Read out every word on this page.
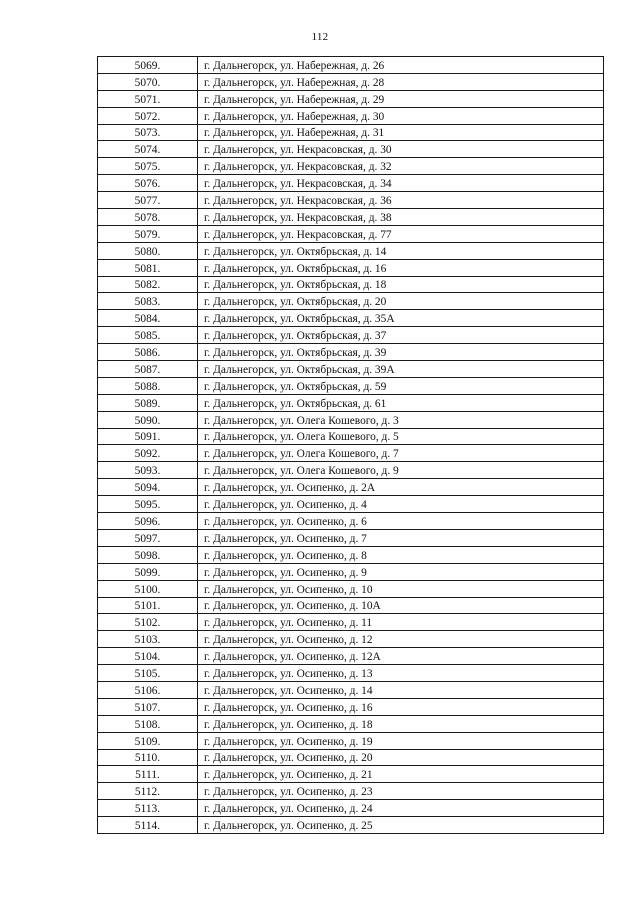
112
5069.	г. Дальнегорск, ул. Набережная, д. 26
5070.	г. Дальнегорск, ул. Набережная, д. 28
5071.	г. Дальнегорск, ул. Набережная, д. 29
5072.	г. Дальнегорск, ул. Набережная, д. 30
5073.	г. Дальнегорск, ул. Набережная, д. 31
5074.	г. Дальнегорск, ул. Некрасовская, д. 30
5075.	г. Дальнегорск, ул. Некрасовская, д. 32
5076.	г. Дальнегорск, ул. Некрасовская, д. 34
5077.	г. Дальнегорск, ул. Некрасовская, д. 36
5078.	г. Дальнегорск, ул. Некрасовская, д. 38
5079.	г. Дальнегорск, ул. Некрасовская, д. 77
5080.	г. Дальнегорск, ул. Октябрьская, д. 14
5081.	г. Дальнегорск, ул. Октябрьская, д. 16
5082.	г. Дальнегорск, ул. Октябрьская, д. 18
5083.	г. Дальнегорск, ул. Октябрьская, д. 20
5084.	г. Дальнегорск, ул. Октябрьская, д. 35А
5085.	г. Дальнегорск, ул. Октябрьская, д. 37
5086.	г. Дальнегорск, ул. Октябрьская, д. 39
5087.	г. Дальнегорск, ул. Октябрьская, д. 39А
5088.	г. Дальнегорск, ул. Октябрьская, д. 59
5089.	г. Дальнегорск, ул. Октябрьская, д. 61
5090.	г. Дальнегорск, ул. Олега Кошевого, д. 3
5091.	г. Дальнегорск, ул. Олега Кошевого, д. 5
5092.	г. Дальнегорск, ул. Олега Кошевого, д. 7
5093.	г. Дальнегорск, ул. Олега Кошевого, д. 9
5094.	г. Дальнегорск, ул. Осипенко, д. 2А
5095.	г. Дальнегорск, ул. Осипенко, д. 4
5096.	г. Дальнегорск, ул. Осипенко, д. 6
5097.	г. Дальнегорск, ул. Осипенко, д. 7
5098.	г. Дальнегорск, ул. Осипенко, д. 8
5099.	г. Дальнегорск, ул. Осипенко, д. 9
5100.	г. Дальнегорск, ул. Осипенко, д. 10
5101.	г. Дальнегорск, ул. Осипенко, д. 10А
5102.	г. Дальнегорск, ул. Осипенко, д. 11
5103.	г. Дальнегорск, ул. Осипенко, д. 12
5104.	г. Дальнегорск, ул. Осипенко, д. 12А
5105.	г. Дальнегорск, ул. Осипенко, д. 13
5106.	г. Дальнегорск, ул. Осипенко, д. 14
5107.	г. Дальнегорск, ул. Осипенко, д. 16
5108.	г. Дальнегорск, ул. Осипенко, д. 18
5109.	г. Дальнегорск, ул. Осипенко, д. 19
5110.	г. Дальнегорск, ул. Осипенко, д. 20
5111.	г. Дальнегорск, ул. Осипенко, д. 21
5112.	г. Дальнегорск, ул. Осипенко, д. 23
5113.	г. Дальнегорск, ул. Осипенко, д. 24
5114.	г. Дальнегорск, ул. Осипенко, д. 25
